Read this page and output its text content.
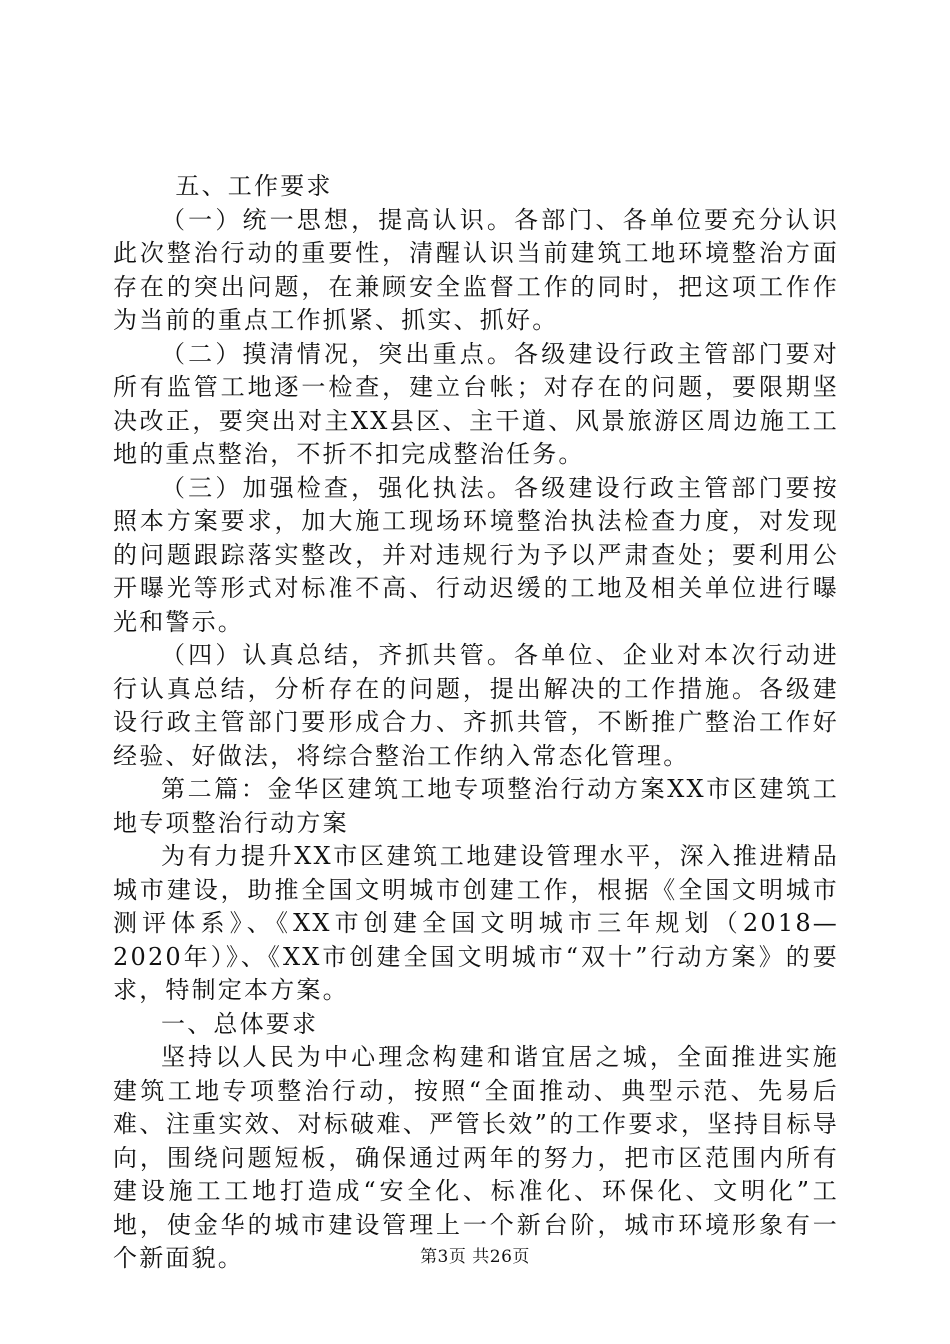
五、工作要求

（一）统一思想，提高认识。各部门、各单位要充分认识此次整治行动的重要性，清醒认识当前建筑工地环境整治方面存在的突出问题，在兼顾安全监督工作的同时，把这项工作作为当前的重点工作抓紧、抓实、抓好。

（二）摸清情况，突出重点。各级建设行政主管部门要对所有监管工地逐一检查，建立台帐；对存在的问题，要限期坚决改正，要突出对主XX县区、主干道、风景旅游区周边施工工地的重点整治，不折不扣完成整治任务。

（三）加强检查，强化执法。各级建设行政主管部门要按照本方案要求，加大施工现场环境整治执法检查力度，对发现的问题跟踪落实整改，并对违规行为予以严肃查处；要利用公开曝光等形式对标准不高、行动迟缓的工地及相关单位进行曝光和警示。

（四）认真总结，齐抓共管。各单位、企业对本次行动进行认真总结，分析存在的问题，提出解决的工作措施。各级建设行政主管部门要形成合力、齐抓共管，不断推广整治工作好经验、好做法，将综合整治工作纳入常态化管理。

第二篇：金华区建筑工地专项整治行动方案XX市区建筑工地专项整治行动方案

为有力提升XX市区建筑工地建设管理水平，深入推进精品城市建设，助推全国文明城市创建工作，根据《全国文明城市测评体系》、《XX市创建全国文明城市三年规划（2018—2020年）》、《XX市创建全国文明城市“双十”行动方案》的要求，特制定本方案。

一、总体要求

坚持以人民为中心理念构建和谐宜居之城，全面推进实施建筑工地专项整治行动，按照“全面推动、典型示范、先易后难、注重实效、对标破难、严管长效”的工作要求，坚持目标导向，围绕问题短板，确保通过两年的努力，把市区范围内所有建设施工工地打造成“安全化、标准化、环保化、文明化”工地，使金华的城市建设管理上一个新台阶，城市环境形象有一个新面貌。	第3页 共26页
